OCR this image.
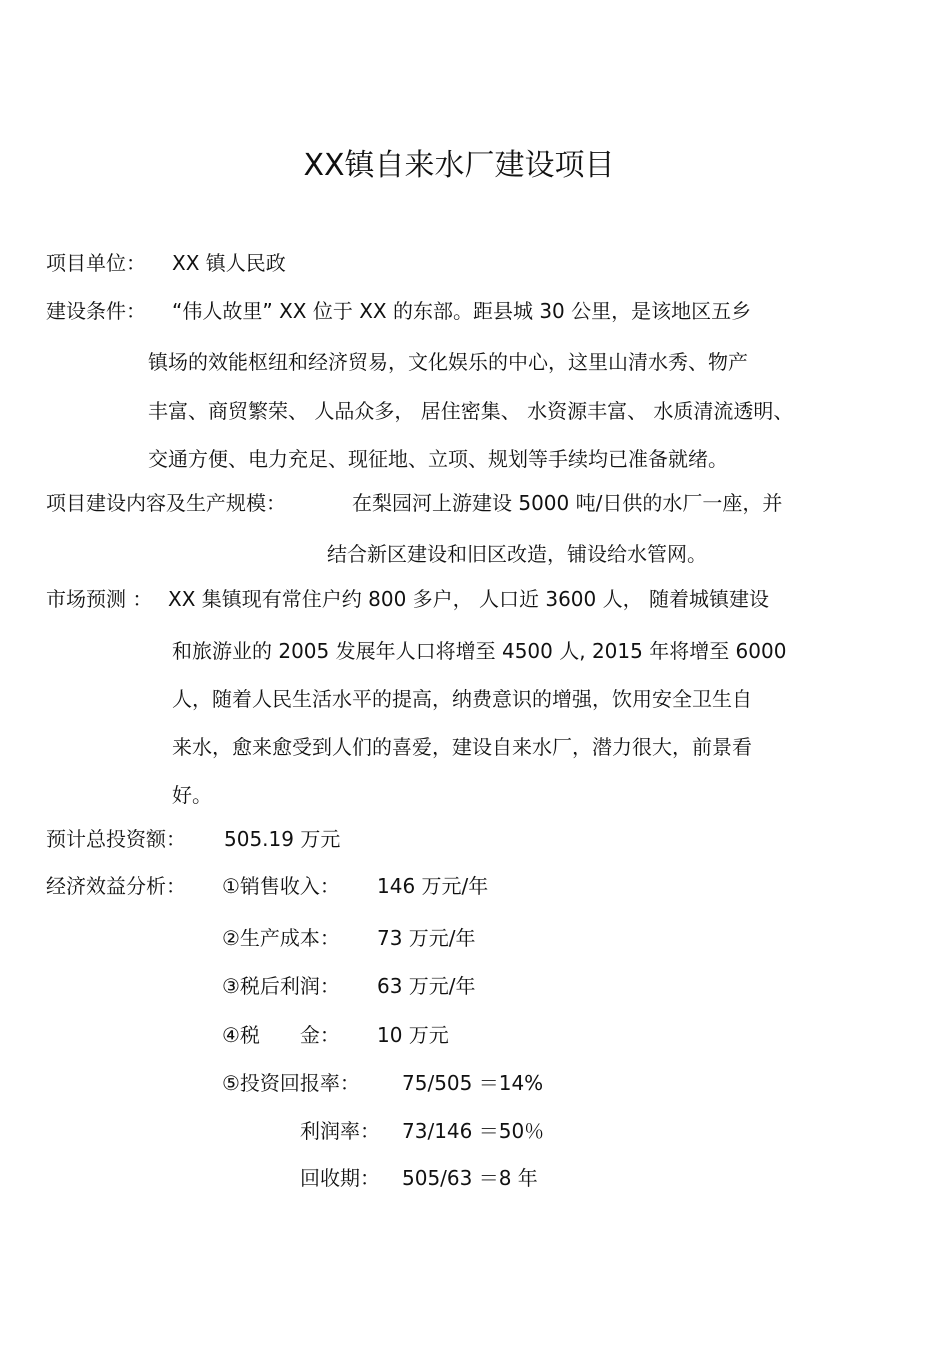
XX镇自来水厂建设项目
项目单位： XX 镇人民政
建设条件： “伟人故里” XX 位于 XX 的东部。距县城 30 公里，是该地区五乡
镇场的效能枢纽和经济贸易，文化娱乐的中心，这里山清水秀、物产
丰富、商贸繁荣、 人品众多， 居住密集、 水资源丰富、 水质清流透明、
交通方便、电力充足、现征地、立项、规划等手续均已准备就绪。
项目建设内容及生产规模：	在梨园河上游建设 5000 吨/日供的水厂一座，并
结合新区建设和旧区改造，铺设给水管网。
市场预测 ： XX 集镇现有常住户约 800 多户， 人口近 3600 人， 随着城镇建设
和旅游业的 2005 发展年人口将增至 4500 人, 2015 年将增至 6000
人，随着人民生活水平的提高，纳费意识的增强，饮用安全卫生自
来水，愈来愈受到人们的喜爱，建设自来水厂，潜力很大，前景看
好。
预计总投资额： 505.19 万元
经济效益分析： ①销售收入： 146 万元/年
②生产成本： 73 万元/年
③税后利润： 63 万元/年
④税　　金： 10 万元
⑤投资回报率： 75/505 ＝14%
利润率： 73/146 ＝50％
回收期： 505/63 ＝8 年
